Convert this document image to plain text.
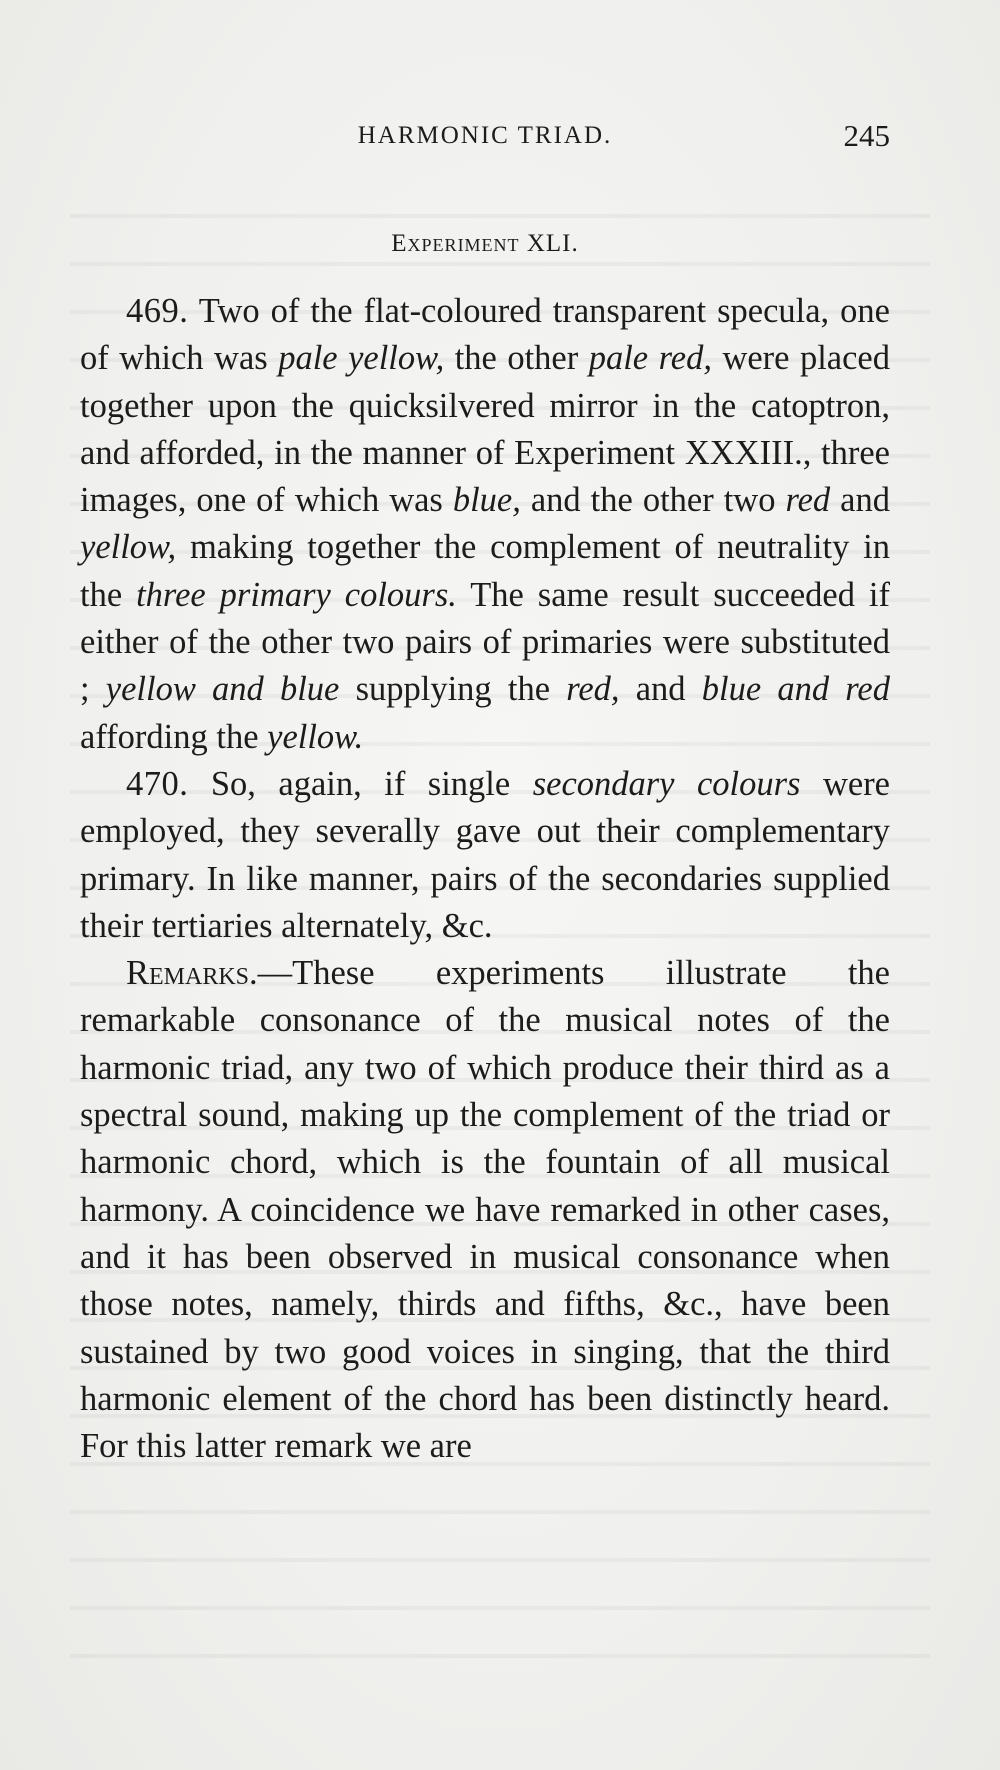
HARMONIC TRIAD.	245
Experiment XLI.

469. Two of the flat-coloured transparent specula, one of which was pale yellow, the other pale red, were placed together upon the quicksilvered mirror in the catoptron, and afforded, in the manner of Experiment XXXIII., three images, one of which was blue, and the other two red and yellow, making together the complement of neutrality in the three primary colours. The same result succeeded if either of the other two pairs of primaries were substituted ; yellow and blue supplying the red, and blue and red affording the yellow.

470. So, again, if single secondary colours were employed, they severally gave out their complementary primary. In like manner, pairs of the secondaries supplied their tertiaries alternately, &c.

Remarks.—These experiments illustrate the remarkable consonance of the musical notes of the harmonic triad, any two of which produce their third as a spectral sound, making up the complement of the triad or harmonic chord, which is the fountain of all musical harmony. A coincidence we have remarked in other cases, and it has been observed in musical consonance when those notes, namely, thirds and fifths, &c., have been sustained by two good voices in singing, that the third harmonic element of the chord has been distinctly heard. For this latter remark we are
